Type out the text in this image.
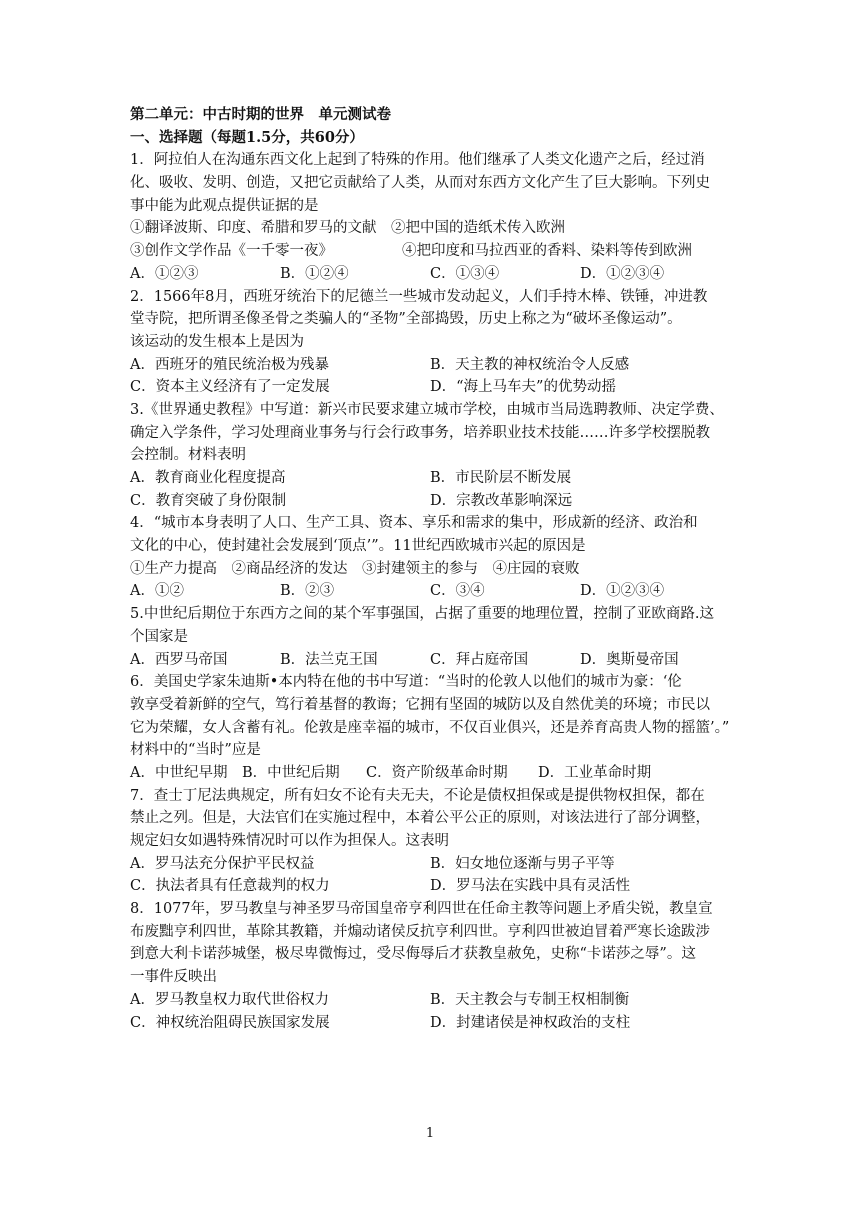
第二单元：中古时期的世界　单元测试卷
一、选择题（每题1.5分，共60分）
1．阿拉伯人在沟通东西文化上起到了特殊的作用。他们继承了人类文化遗产之后，经过消
化、吸收、发明、创造，又把它贡献给了人类，从而对东西方文化产生了巨大影响。下列史
事中能为此观点提供证据的是
①翻译波斯、印度、希腊和罗马的文献　②把中国的造纸术传入欧洲
③创作文学作品《一千零一夜》	④把印度和马拉西亚的香料、染料等传到欧洲
A．①②③	B．①②④	C．①③④	D．①②③④
2．1566年8月，西班牙统治下的尼德兰一些城市发动起义，人们手持木棒、铁锤，冲进教
堂寺院，把所谓圣像圣骨之类骗人的“圣物”全部捣毁，历史上称之为“破坏圣像运动”。
该运动的发生根本上是因为
A．西班牙的殖民统治极为残暴	B．天主教的神权统治令人反感
C．资本主义经济有了一定发展	D．“海上马车夫”的优势动摇
3.《世界通史教程》中写道：新兴市民要求建立城市学校，由城市当局选聘教师、决定学费、
确定入学条件，学习处理商业事务与行会行政事务，培养职业技术技能……许多学校摆脱教
会控制。材料表明
A．教育商业化程度提高	B．市民阶层不断发展
C．教育突破了身份限制	D．宗教改革影响深远
4．“城市本身表明了人口、生产工具、资本、享乐和需求的集中，形成新的经济、政治和
文化的中心，使封建社会发展到‘顶点’”。11世纪西欧城市兴起的原因是
①生产力提高　②商品经济的发达　③封建领主的参与　④庄园的衰败
A．①②	B．②③	C．③④	D．①②③④
5.中世纪后期位于东西方之间的某个军事强国，占据了重要的地理位置，控制了亚欧商路.这
个国家是
A．西罗马帝国	B．法兰克王国	C．拜占庭帝国	D．奥斯曼帝国
6．美国史学家朱迪斯•本内特在他的书中写道：“当时的伦敦人以他们的城市为豪：‘伦
敦享受着新鲜的空气，笃行着基督的教诲；它拥有坚固的城防以及自然优美的环境；市民以
它为荣耀，女人含蓄有礼。伦敦是座幸福的城市，不仅百业俱兴，还是养育高贵人物的摇篮’。”
材料中的“当时”应是
A．中世纪早期	B．中世纪后期	C．资产阶级革命时期	D．工业革命时期
7．查士丁尼法典规定，所有妇女不论有夫无夫，不论是债权担保或是提供物权担保，都在
禁止之列。但是，大法官们在实施过程中，本着公平公正的原则，对该法进行了部分调整，
规定妇女如遇特殊情况时可以作为担保人。这表明
A．罗马法充分保护平民权益	B．妇女地位逐渐与男子平等
C．执法者具有任意裁判的权力	D．罗马法在实践中具有灵活性
8．1077年，罗马教皇与神圣罗马帝国皇帝亨利四世在任命主教等问题上矛盾尖锐，教皇宣
布废黜亨利四世，革除其教籍，并煽动诸侯反抗亨利四世。亨利四世被迫冒着严寒长途跋涉
到意大利卡诺莎城堡，极尽卑微悔过，受尽侮辱后才获教皇赦免，史称“卡诺莎之辱”。这
一事件反映出
A．罗马教皇权力取代世俗权力	B．天主教会与专制王权相制衡
C．神权统治阻碍民族国家发展	D．封建诸侯是神权政治的支柱
1
